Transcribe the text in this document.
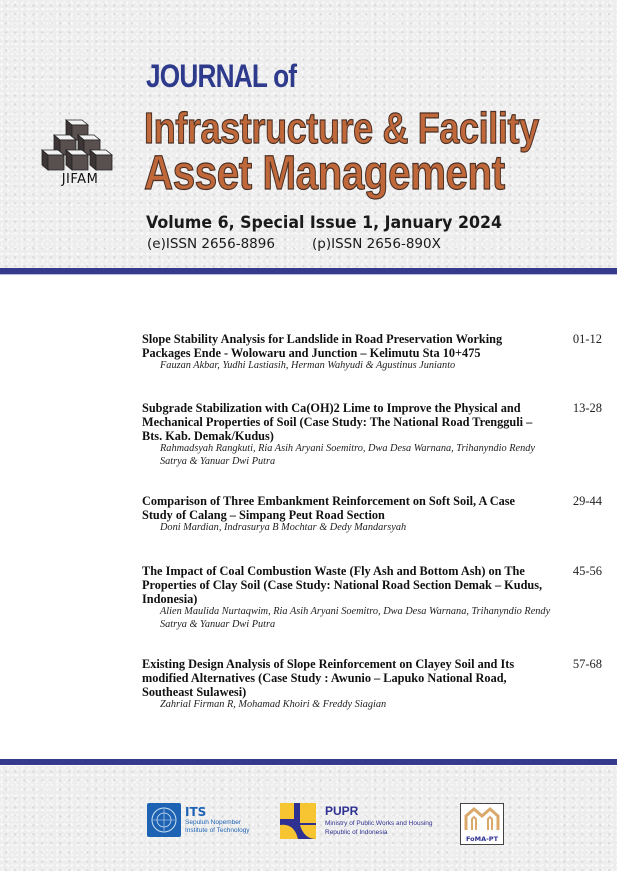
JIFAM
JOURNAL of
Infrastructure & Facility
Asset Management
Volume 6, Special Issue 1, January 2024
(e)ISSN 2656-8896	(p)ISSN 2656-890X
Slope Stability Analysis for Landslide in Road Preservation Working Packages Ende - Wolowaru and Junction – Kelimutu Sta 10+475
Fauzan Akbar, Yudhi Lastiasih, Herman Wahyudi & Agustinus Junianto
01-12
Subgrade Stabilization with Ca(OH)2 Lime to Improve the Physical and Mechanical Properties of Soil (Case Study: The National Road Trengguli – Bts. Kab. Demak/Kudus)
Rahmadsyah Rangkuti, Ria Asih Aryani Soemitro, Dwa Desa Warnana, Trihanyndio Rendy Satrya & Yanuar Dwi Putra
13-28
Comparison of Three Embankment Reinforcement on Soft Soil, A Case Study of Calang – Simpang Peut Road Section
Doni Mardian, Indrasurya B Mochtar & Dedy Mandarsyah
29-44
The Impact of Coal Combustion Waste (Fly Ash and Bottom Ash) on The Properties of Clay Soil (Case Study: National Road Section Demak – Kudus, Indonesia)
Alien Maulida Nurtaqwim, Ria Asih Aryani Soemitro, Dwa Desa Warnana, Trihanyndio Rendy Satrya & Yanuar Dwi Putra
45-56
Existing Design Analysis of Slope Reinforcement on Clayey Soil and Its modified Alternatives (Case Study : Awunio – Lapuko National Road, Southeast Sulawesi)
Zahrial Firman R, Mohamad Khoiri & Freddy Siagian
57-68
ITS
Sepuluh Nopember
Institute of Technology
PUPR
Ministry of Public Works and Housing
Republic of Indonesia
FoMA-PT
